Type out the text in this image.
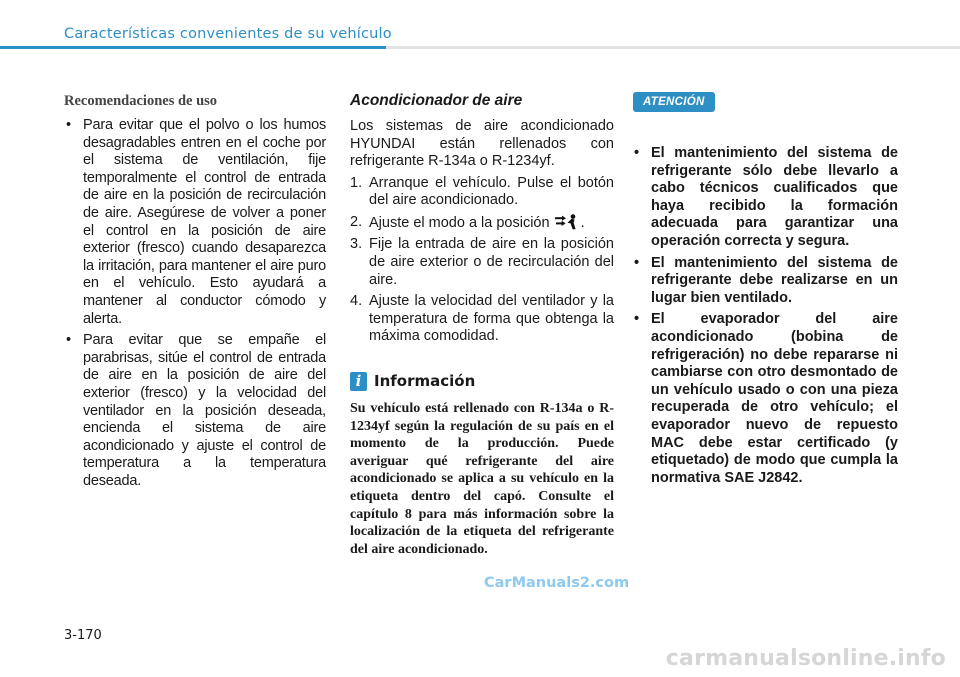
Características convenientes de su vehículo
Recomendaciones de uso
• Para evitar que el polvo o los humos desagradables entren en el coche por el sistema de ventilación, fije temporalmente el control de entrada de aire en la posición de recirculación de aire. Asegúrese de volver a poner el control en la posición de aire exterior (fresco) cuando desaparezca la irritación, para mantener el aire puro en el vehículo. Esto ayudará a mantener al conductor cómodo y alerta.
• Para evitar que se empañe el parabrisas, sitúe el control de entrada de aire en la posición de aire del exterior (fresco) y la velocidad del ventilador en la posición deseada, encienda el sistema de aire acondicionado y ajuste el control de temperatura a la temperatura deseada.
Acondicionador de aire
Los sistemas de aire acondicionado HYUNDAI están rellenados con refrigerante R-134a o R-1234yf.
1. Arranque el vehículo. Pulse el botón del aire acondicionado.
2. Ajuste el modo a la posición .
3. Fije la entrada de aire en la posición de aire exterior o de recirculación del aire.
4. Ajuste la velocidad del ventilador y la temperatura de forma que obtenga la máxima comodidad.
i Información

Su vehículo está rellenado con R-134a o R-1234yf según la regulación de su país en el momento de la producción. Puede averiguar qué refrigerante del aire acondicionado se aplica a su vehículo en la etiqueta dentro del capó. Consulte el capítulo 8 para más información sobre la localización de la etiqueta del refrigerante del aire acondicionado.

ATENCIÓN
• El mantenimiento del sistema de refrigerante sólo debe llevarlo a cabo técnicos cualificados que haya recibido la formación adecuada para garantizar una operación correcta y segura.
• El mantenimiento del sistema de refrigerante debe realizarse en un lugar bien ventilado.
• El evaporador del aire acondicionado (bobina de refrigeración) no debe repararse ni cambiarse con otro desmontado de un vehículo usado o con una pieza recuperada de otro vehículo; el evaporador nuevo de repuesto MAC debe estar certificado (y etiquetado) de modo que cumpla la normativa SAE J2842.
CarManuals2.com
3-170
carmanualsonline.info
